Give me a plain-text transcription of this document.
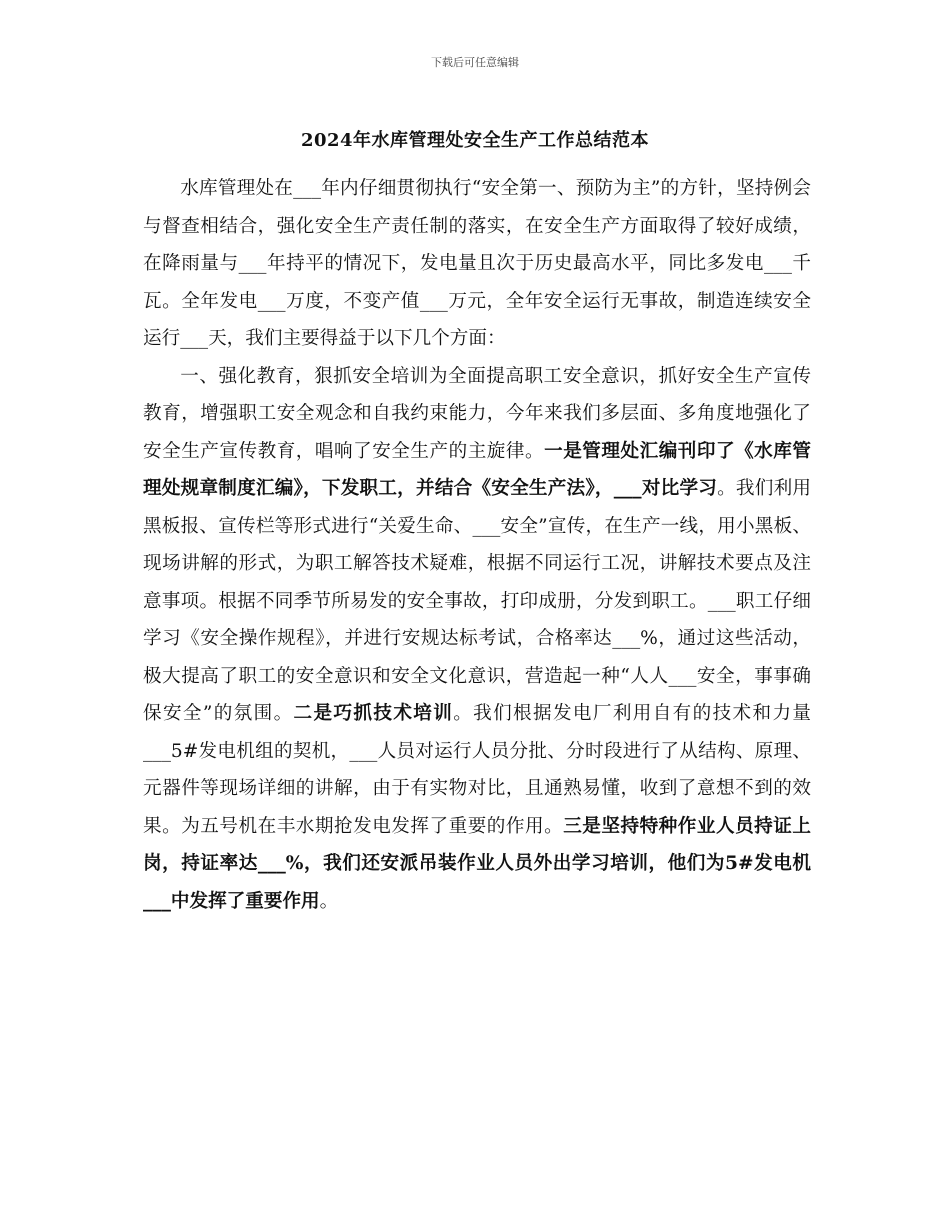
下载后可任意编辑
2024年水库管理处安全生产工作总结范本

水库管理处在___年内仔细贯彻执行“安全第一、预防为主”的方针，坚持例会与督查相结合，强化安全生产责任制的落实，在安全生产方面取得了较好成绩，在降雨量与___年持平的情况下，发电量且次于历史最高水平，同比多发电___千瓦。全年发电___万度，不变产值___万元，全年安全运行无事故，制造连续安全运行___天，我们主要得益于以下几个方面：

一、强化教育，狠抓安全培训为全面提高职工安全意识，抓好安全生产宣传教育，增强职工安全观念和自我约束能力，今年来我们多层面、多角度地强化了安全生产宣传教育，唱响了安全生产的主旋律。一是管理处汇编刊印了《水库管理处规章制度汇编》，下发职工，并结合《安全生产法》，___对比学习。我们利用黑板报、宣传栏等形式进行“关爱生命、___安全”宣传，在生产一线，用小黑板、现场讲解的形式，为职工解答技术疑难，根据不同运行工况，讲解技术要点及注意事项。根据不同季节所易发的安全事故，打印成册，分发到职工。___职工仔细学习《安全操作规程》，并进行安规达标考试，合格率达___%，通过这些活动，极大提高了职工的安全意识和安全文化意识，营造起一种“人人___安全，事事确保安全”的氛围。二是巧抓技术培训。我们根据发电厂利用自有的技术和力量___5#发电机组的契机，___人员对运行人员分批、分时段进行了从结构、原理、元器件等现场详细的讲解，由于有实物对比，且通熟易懂，收到了意想不到的效果。为五号机在丰水期抢发电发挥了重要的作用。三是坚持特种作业人员持证上岗，持证率达___%，我们还安派吊装作业人员外出学习培训，他们为5#发电机___中发挥了重要作用。
